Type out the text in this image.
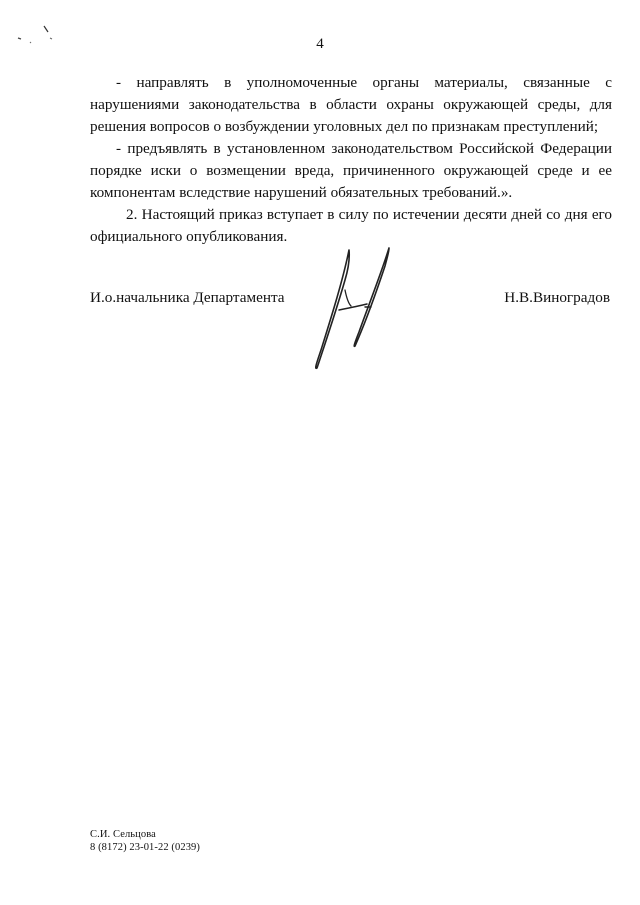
4

- направлять в уполномоченные органы материалы, связанные с нарушениями законодательства в области охраны окружающей среды, для решения вопросов о возбуждении уголовных дел по признакам преступлений;

- предъявлять в установленном законодательством Российской Федерации порядке иски о возмещении вреда, причиненного окружающей среде и ее компонентам вследствие нарушений обязательных требований.».

2. Настоящий приказ вступает в силу по истечении десяти дней со дня его официального опубликования.

И.о.начальника Департамента	Н.В.Виноградов
С.И. Сельцова
8 (8172) 23-01-22 (0239)
